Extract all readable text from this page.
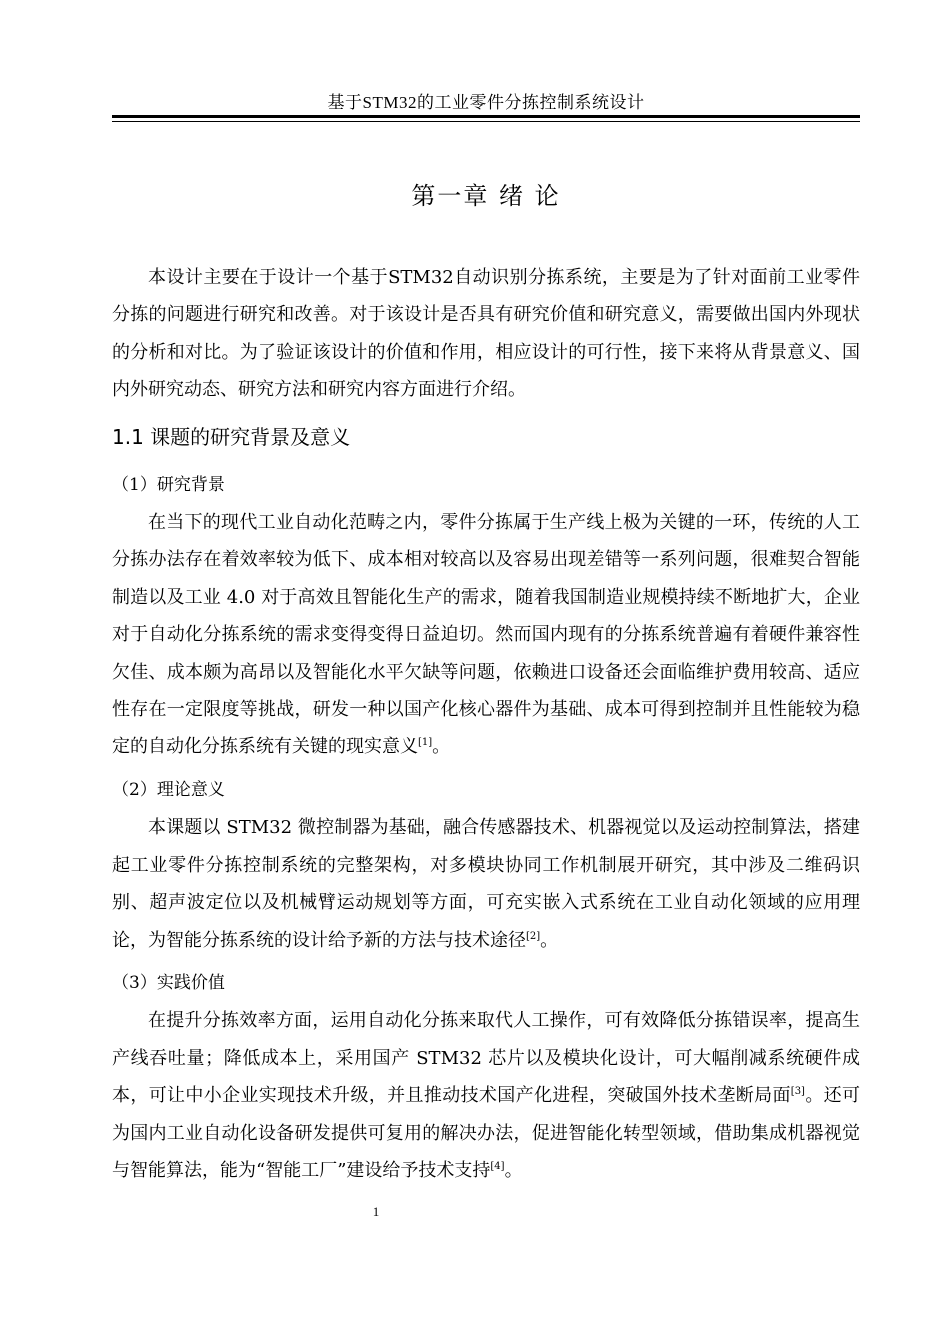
基于STM32的工业零件分拣控制系统设计
第一章 绪 论

本设计主要在于设计一个基于STM32自动识别分拣系统，主要是为了针对面前工业零件分拣的问题进行研究和改善。对于该设计是否具有研究价值和研究意义，需要做出国内外现状的分析和对比。为了验证该设计的价值和作用，相应设计的可行性，接下来将从背景意义、国内外研究动态、研究方法和研究内容方面进行介绍。

1.1 课题的研究背景及意义
（1）研究背景

在当下的现代工业自动化范畴之内，零件分拣属于生产线上极为关键的一环，传统的人工分拣办法存在着效率较为低下、成本相对较高以及容易出现差错等一系列问题，很难契合智能制造以及工业 4.0 对于高效且智能化生产的需求，随着我国制造业规模持续不断地扩大，企业对于自动化分拣系统的需求变得变得日益迫切。然而国内现有的分拣系统普遍有着硬件兼容性欠佳、成本颇为高昂以及智能化水平欠缺等问题，依赖进口设备还会面临维护费用较高、适应性存在一定限度等挑战，研发一种以国产化核心器件为基础、成本可得到控制并且性能较为稳定的自动化分拣系统有关键的现实意义[1]。

（2）理论意义

本课题以 STM32 微控制器为基础，融合传感器技术、机器视觉以及运动控制算法，搭建起工业零件分拣控制系统的完整架构，对多模块协同工作机制展开研究，其中涉及二维码识别、超声波定位以及机械臂运动规划等方面，可充实嵌入式系统在工业自动化领域的应用理论，为智能分拣系统的设计给予新的方法与技术途径[2]。

（3）实践价值

在提升分拣效率方面，运用自动化分拣来取代人工操作，可有效降低分拣错误率，提高生产线吞吐量；降低成本上，采用国产 STM32 芯片以及模块化设计，可大幅削减系统硬件成本，可让中小企业实现技术升级，并且推动技术国产化进程，突破国外技术垄断局面[3]。还可为国内工业自动化设备研发提供可复用的解决办法，促进智能化转型领域，借助集成机器视觉与智能算法，能为“智能工厂”建设给予技术支持[4]。

1
